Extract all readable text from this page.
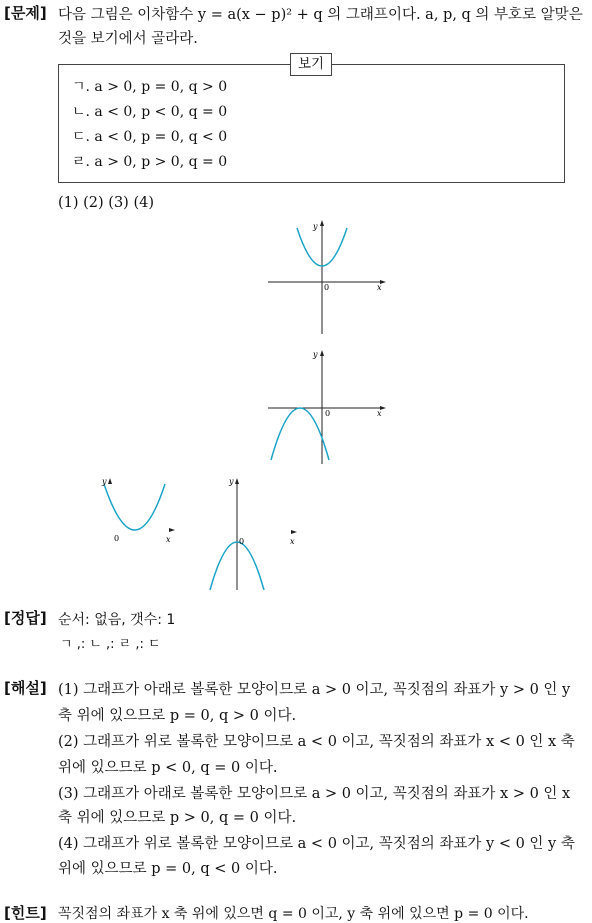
[문제] 다음 그림은 이차함수 y = a(x − p)² + q 의 그래프이다. a, p, q 의 부호로 알맞은
것을 보기에서 골라라.
보기
ㄱ. a > 0, p = 0, q > 0
ㄴ. a < 0, p < 0, q = 0
ㄷ. a < 0, p = 0, q < 0
ㄹ. a > 0, p > 0, q = 0
(1) (2) (3) (4)
0	x
y
0	x
y
y
0	x
y
0	x
[정답] 순서: 없음, 갯수: 1
ㄱ ,: ㄴ ,: ㄹ ,: ㄷ
[해설] (1) 그래프가 아래로 볼록한 모양이므로 a > 0 이고, 꼭짓점의 좌표가 y > 0 인 y
축 위에 있으므로 p = 0, q > 0 이다.
(2) 그래프가 위로 볼록한 모양이므로 a < 0 이고, 꼭짓점의 좌표가 x < 0 인 x 축
위에 있으므로 p < 0, q = 0 이다.
(3) 그래프가 아래로 볼록한 모양이므로 a > 0 이고, 꼭짓점의 좌표가 x > 0 인 x
축 위에 있으므로 p > 0, q = 0 이다.
(4) 그래프가 위로 볼록한 모양이므로 a < 0 이고, 꼭짓점의 좌표가 y < 0 인 y 축
위에 있으므로 p = 0, q < 0 이다.
[힌트] 꼭짓점의 좌표가 x 축 위에 있으면 q = 0 이고, y 축 위에 있으면 p = 0 이다.
